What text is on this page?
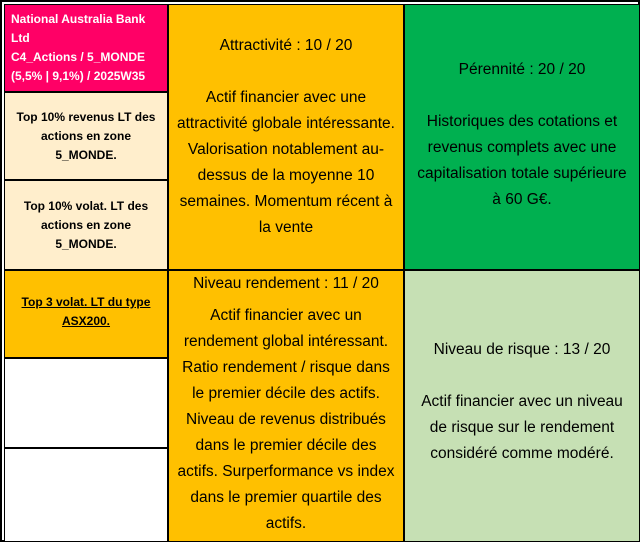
National Australia Bank Ltd
C4_Actions / 5_MONDE
(5,5% | 9,1%) / 2025W35
Top 10% revenus LT des actions en zone 5_MONDE.
Top 10% volat. LT des actions en zone 5_MONDE.
Top 3 volat. LT du type ASX200.
Attractivité : 10 / 20
Actif financier avec une attractivité globale intéressante. Valorisation notablement au-dessus de la moyenne 10 semaines. Momentum récent à la vente
Pérennité : 20 / 20
Historiques des cotations et revenus complets avec une capitalisation totale supérieure à 60 G€.
Niveau rendement : 11 / 20
Actif financier avec un rendement global intéressant. Ratio rendement / risque dans le premier décile des actifs. Niveau de revenus distribués dans le premier décile des actifs. Surperformance vs index dans le premier quartile des actifs.
Niveau de risque : 13 / 20
Actif financier avec un niveau de risque sur le rendement considéré comme modéré.
